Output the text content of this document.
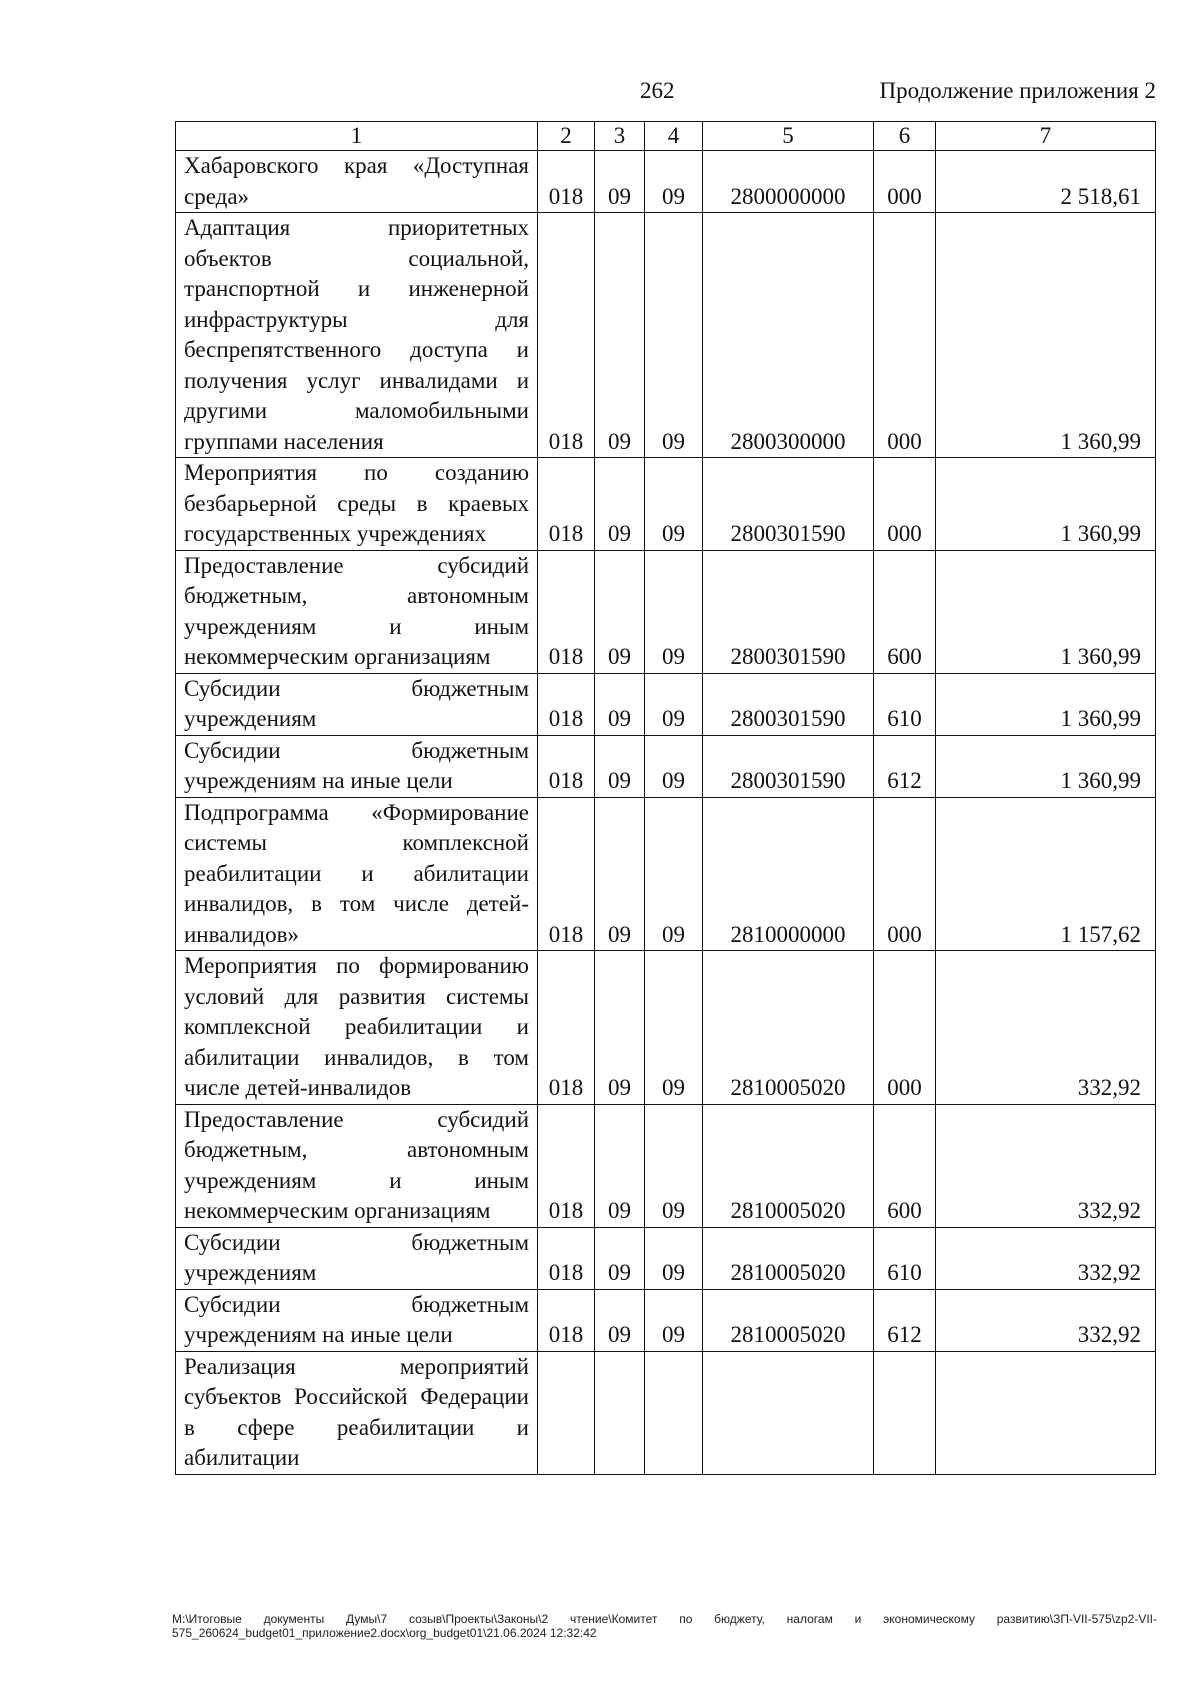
262	Продолжение приложения 2
1	2	3	4	5	6	7
Хабаровского края «Доступная среда»	018	09	09	2800000000	000	2 518,61
Адаптация приоритетных объектов социальной, транспортной и инженерной инфраструктуры для беспрепятственного доступа и получения услуг инвалидами и другими маломобильными группами населения	018	09	09	2800300000	000	1 360,99
Мероприятия по созданию безбарьерной среды в краевых государственных учреждениях	018	09	09	2800301590	000	1 360,99
Предоставление субсидий бюджетным, автономным учреждениям и иным некоммерческим организациям	018	09	09	2800301590	600	1 360,99
Субсидии бюджетным учреждениям	018	09	09	2800301590	610	1 360,99
Субсидии бюджетным учреждениям на иные цели	018	09	09	2800301590	612	1 360,99
Подпрограмма «Формирование системы комплексной реабилитации и абилитации инвалидов, в том числе детей-инвалидов»	018	09	09	2810000000	000	1 157,62
Мероприятия по формированию условий для развития системы комплексной реабилитации и абилитации инвалидов, в том числе детей-инвалидов	018	09	09	2810005020	000	332,92
Предоставление субсидий бюджетным, автономным учреждениям и иным некоммерческим организациям	018	09	09	2810005020	600	332,92
Субсидии бюджетным учреждениям	018	09	09	2810005020	610	332,92
Субсидии бюджетным учреждениям на иные цели	018	09	09	2810005020	612	332,92
Реализация мероприятий субъектов Российской Федерации в сфере реабилитации и абилитации						
M:\Итоговые документы Думы\7 созыв\Проекты\Законы\2 чтение\Комитет по бюджету, налогам и экономическому развитию\ЗП-VII-575\zp2-VII-575_260624_budget01_приложение2.docx\org_budget01\21.06.2024 12:32:42
